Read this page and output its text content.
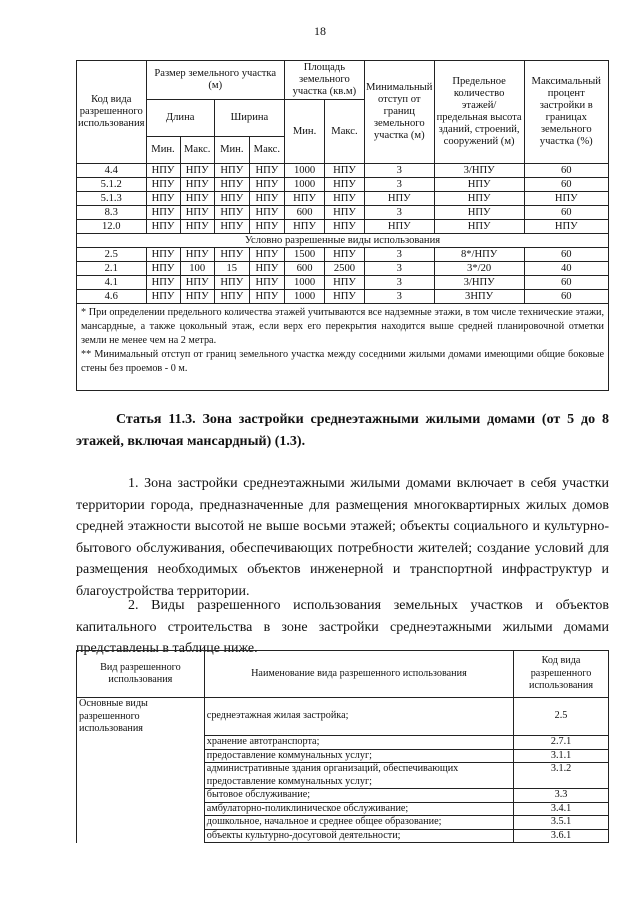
18
Код вида разрешенного использования	Размер земельного участка (м)				Площадь земельного участка (кв.м)		Минимальный отступ от границ земельного участка (м)	Предельное количество этажей/ предельная высота зданий, строений, сооружений (м)	Максимальный процент застройки в границах земельного участка (%)
	Длина		Ширина		Мин.	Макс.			
	Мин.	Макс.	Мин.	Макс.					
4.4	НПУ	НПУ	НПУ	НПУ	1000	НПУ	3	3/НПУ	60
5.1.2	НПУ	НПУ	НПУ	НПУ	1000	НПУ	3	НПУ	60
5.1.3	НПУ	НПУ	НПУ	НПУ	НПУ	НПУ	НПУ	НПУ	НПУ
8.3	НПУ	НПУ	НПУ	НПУ	600	НПУ	3	НПУ	60
12.0	НПУ	НПУ	НПУ	НПУ	НПУ	НПУ	НПУ	НПУ	НПУ
Условно разрешенные виды использования									
2.5	НПУ	НПУ	НПУ	НПУ	1500	НПУ	3	8*/НПУ	60
2.1	НПУ	100	15	НПУ	600	2500	3	3*/20	40
4.1	НПУ	НПУ	НПУ	НПУ	1000	НПУ	3	3/НПУ	60
4.6	НПУ	НПУ	НПУ	НПУ	1000	НПУ	3	3НПУ	60

* При определении предельного количества этажей учитываются все надземные этажи, в том числе технические этажи, мансардные, а также цокольный этаж, если верх его перекрытия находится выше средней планировочной отметки земли не менее чем на 2 метра.

** Минимальный отступ от границ земельного участка между соседними жилыми домами имеющими общие боковые стены без проемов - 0 м.									

Статья 11.3. Зона застройки среднеэтажными жилыми домами (от 5 до 8 этажей, включая мансардный) (1.3).
1. Зона застройки среднеэтажными жилыми домами включает в себя участки территории города, предназначенные для размещения многоквартирных жилых домов средней этажности высотой не выше восьми этажей; объекты социального и культурно-бытового обслуживания, обеспечивающих потребности жителей; создание условий для размещения необходимых объектов инженерной и транспортной инфраструктур и благоустройства территории.
2. Виды разрешенного использования земельных участков и объектов капитального строительства в зоне застройки среднеэтажными жилыми домами представлены в таблице ниже.
Вид разрешенного использования	Наименование вида разрешенного использования	Код вида разрешенного использования
Основные виды разрешенного использования	среднеэтажная жилая застройка;	2.5
	хранение автотранспорта;	2.7.1
	предоставление коммунальных услуг;	3.1.1
	административные здания организаций, обеспечивающих предоставление коммунальных услуг;	3.1.2
	бытовое обслуживание;	3.3
	амбулаторно-поликлиническое обслуживание;	3.4.1
	дошкольное, начальное и среднее общее образование;	3.5.1
	объекты культурно-досуговой деятельности;	3.6.1
